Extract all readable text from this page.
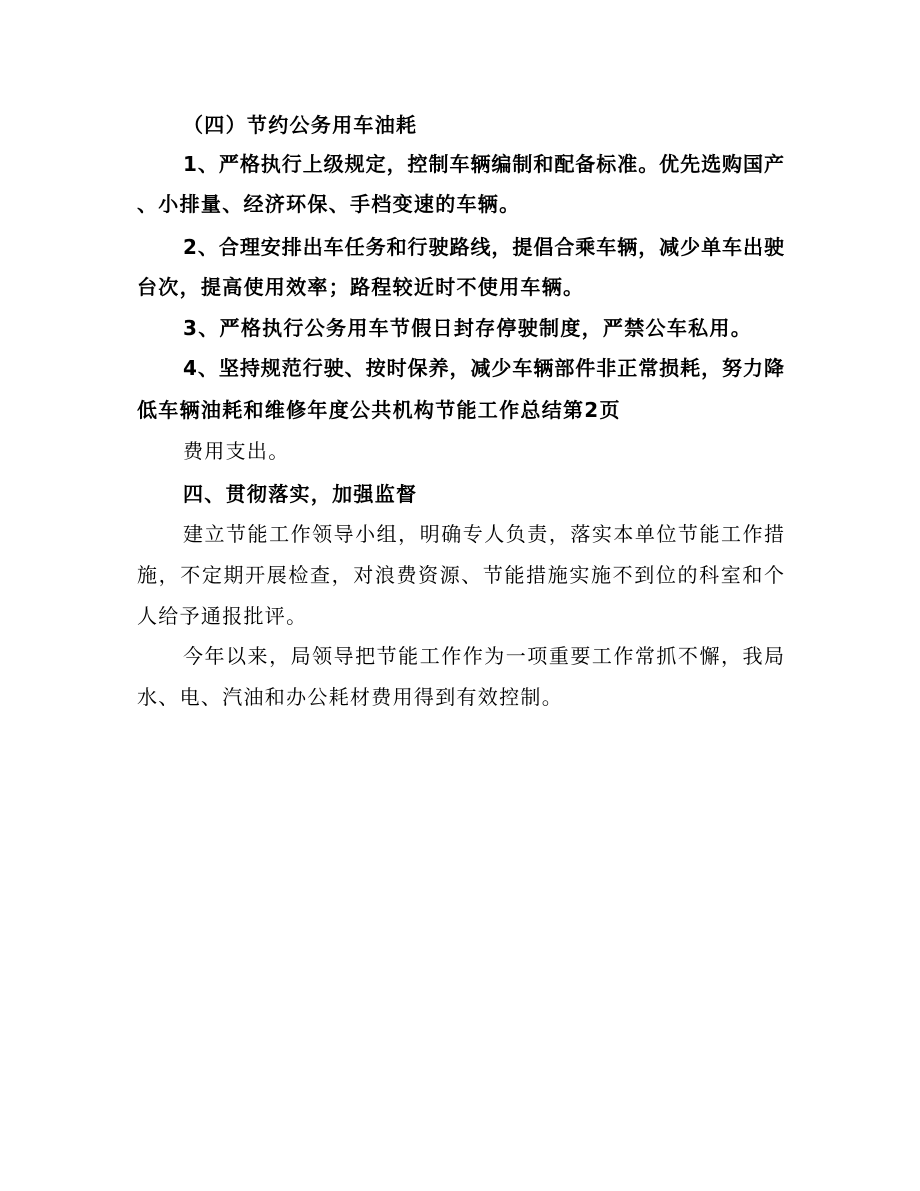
（四）节约公务用车油耗
1、严格执行上级规定，控制车辆编制和配备标准。优先选购国产
、小排量、经济环保、手档变速的车辆。
2、合理安排出车任务和行驶路线，提倡合乘车辆，减少单车出驶
台次，提高使用效率；路程较近时不使用车辆。
3、严格执行公务用车节假日封存停驶制度，严禁公车私用。
4、坚持规范行驶、按时保养，减少车辆部件非正常损耗，努力降
低车辆油耗和维修年度公共机构节能工作总结第2页
费用支出。
四、贯彻落实，加强监督
建立节能工作领导小组，明确专人负责，落实本单位节能工作措
施，不定期开展检查，对浪费资源、节能措施实施不到位的科室和个
人给予通报批评。
今年以来，局领导把节能工作作为一项重要工作常抓不懈，我局
水、电、汽油和办公耗材费用得到有效控制。
